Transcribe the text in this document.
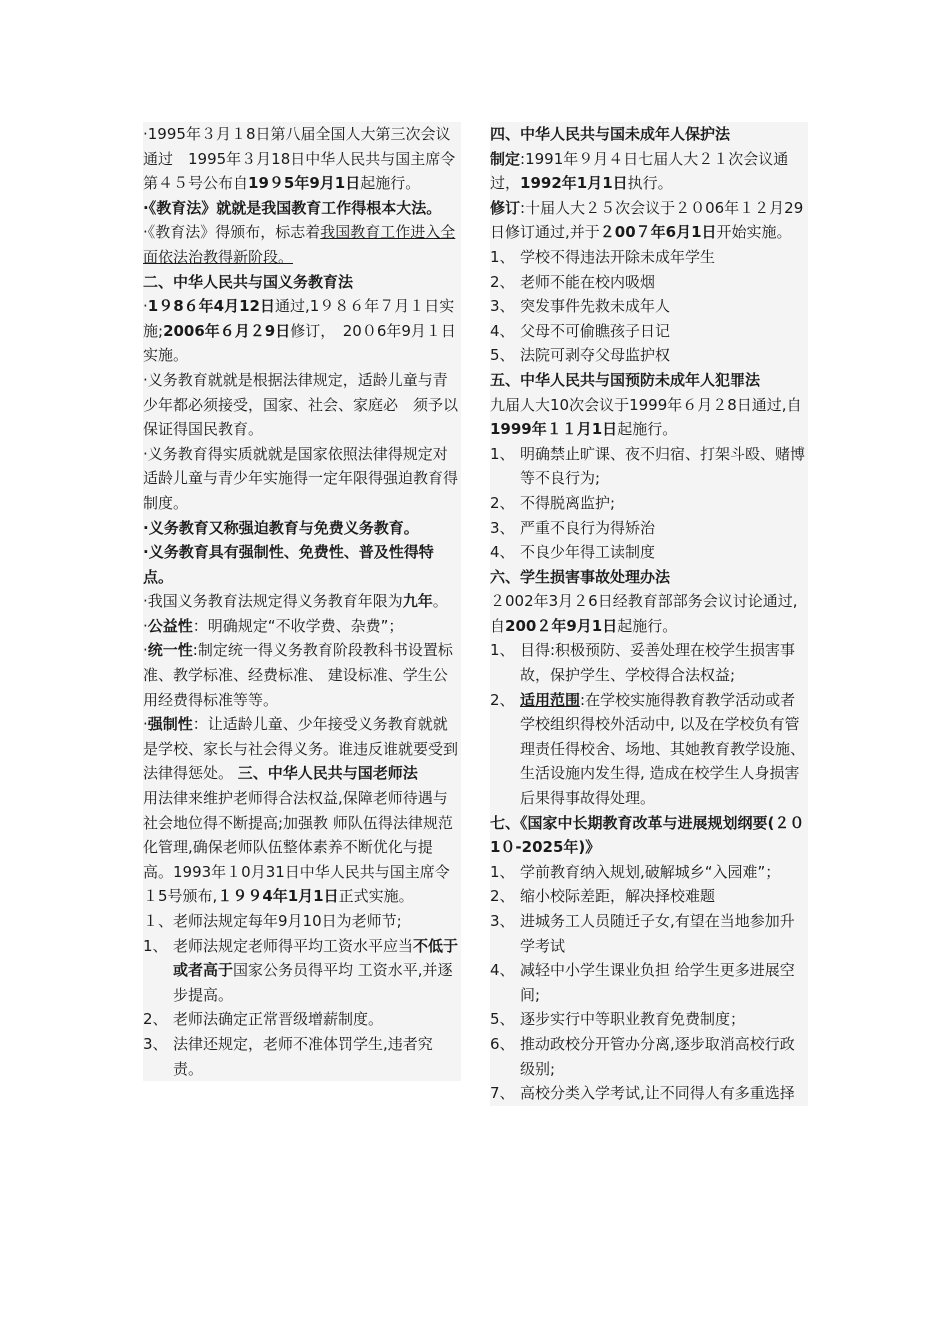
·1995年３月１8日第八届全国人大第三次会议通过　1995年３月18日中华人民共与国主席令第４５号公布自19９5年9月1日起施行。

·《教育法》就就是我国教育工作得根本大法。

·《教育法》得颁布，标志着我国教育工作进入全面依法治教得新阶段。

二、中华人民共与国义务教育法

·1９8６年4月12日通过,1９８６年７月１日实施;2006年６月２9日修订，　20０6年9月１日实施。

·义务教育就就是根据法律规定，适龄儿童与青少年都必须接受，国家、社会、家庭必　须予以保证得国民教育。

·义务教育得实质就就是国家依照法律得规定对适龄儿童与青少年实施得一定年限得强迫教育得制度。

·义务教育又称强迫教育与免费义务教育。

·义务教育具有强制性、免费性、普及性得特点。

·我国义务教育法规定得义务教育年限为九年。

·公益性：明确规定“不收学费、杂费”；

·统一性:制定统一得义务教育阶段教科书设置标准、教学标准、经费标准、 建设标准、学生公用经费得标准等等。

·强制性：让适龄儿童、少年接受义务教育就就是学校、家长与社会得义务。谁违反谁就要受到法律得惩处。 三、中华人民共与国老师法

用法律来维护老师得合法权益,保障老师待遇与社会地位得不断提高;加强教 师队伍得法律规范化管理,确保老师队伍整体素养不断优化与提高。1993年１0月31日中华人民共与国主席令１5号颁布,１９９4年1月1日正式实施。

１、老师法规定每年9月10日为老师节;

1、 老师法规定老师得平均工资水平应当不低于或者高于国家公务员得平均 工资水平,并逐步提高。
2、 老师法确定正常晋级增薪制度。
3、 法律还规定，老师不准体罚学生,违者究责。

四、中华人民共与国未成年人保护法

制定:1991年９月４日七届人大２１次会议通过，1992年1月1日执行。

修订:十届人大２５次会议于２０06年１２月29日修订通过,并于２00７年6月1日开始实施。

1、 学校不得违法开除未成年学生
2、 老师不能在校内吸烟
3、 突发事件先救未成年人
4、 父母不可偷瞧孩子日记
5、 法院可剥夺父母监护权

五、中华人民共与国预防未成年人犯罪法

九届人大10次会议于1999年６月２8日通过,自1999年１１月1日起施行。

1、 明确禁止旷课、夜不归宿、打架斗殴、赌博等不良行为;
2、 不得脱离监护;
3、 严重不良行为得矫治
4、 不良少年得工读制度

六、学生损害事故处理办法

２002年3月２6日经教育部部务会议讨论通过,自200２年9月1日起施行。

1、 目得:积极预防、妥善处理在校学生损害事故，保护学生、学校得合法权益;
2、 适用范围:在学校实施得教育教学活动或者学校组织得校外活动中, 以及在学校负有管理责任得校舍、场地、其她教育教学设施、生活设施内发生得, 造成在校学生人身损害后果得事故得处理。

七、《国家中长期教育改革与进展规划纲要(２０1０-2025年)》

1、 学前教育纳入规划,破解城乡“入园难”；
2、 缩小校际差距，解决择校难题
3、 进城务工人员随迁子女,有望在当地参加升学考试
4、 减轻中小学生课业负担 给学生更多进展空间;
5、 逐步实行中等职业教育免费制度；
6、 推动政校分开管办分离,逐步取消高校行政级别;
7、 高校分类入学考试,让不同得人有多重选择
